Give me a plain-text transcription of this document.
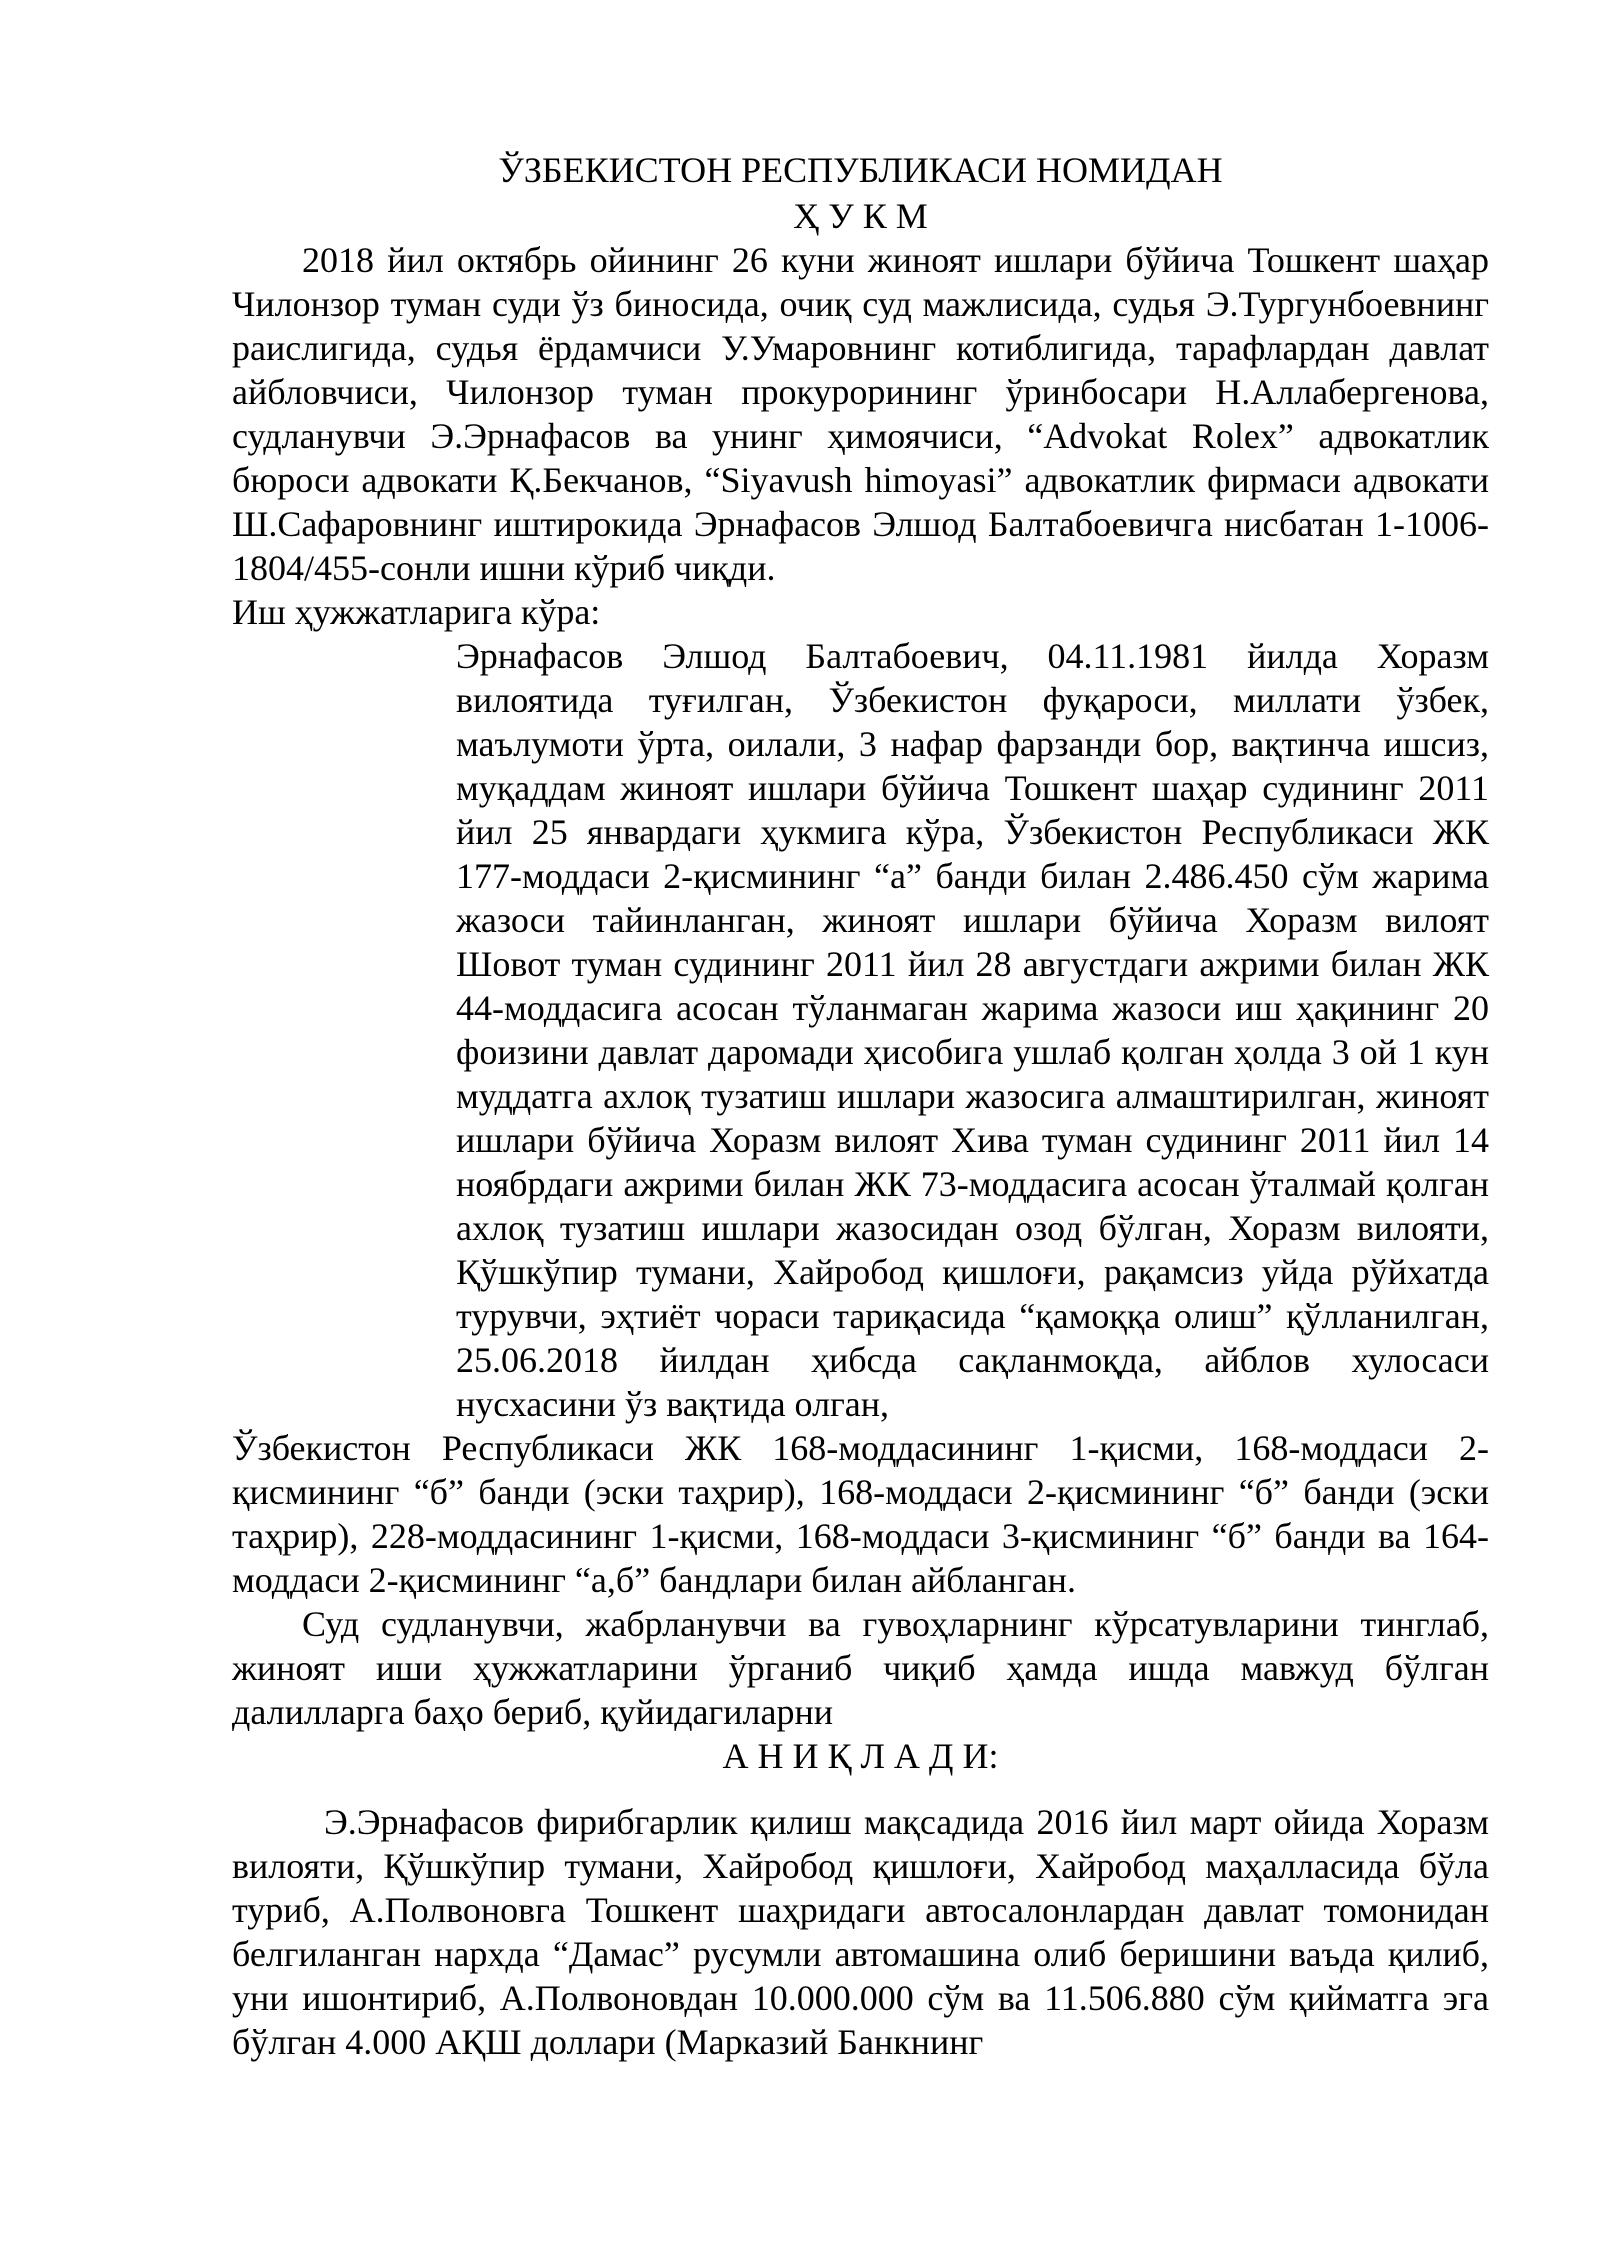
ЎЗБЕКИСТОН РЕСПУБЛИКАСИ НОМИДАН

Ҳ У К М

2018 йил октябрь ойининг 26 куни жиноят ишлари бўйича Тошкент шаҳар Чилонзор туман суди ўз биносида, очиқ суд мажлисида, судья Э.Тургунбоевнинг раислигида, судья ёрдамчиси У.Умаровнинг котиблигида, тарафлардан давлат айбловчиси, Чилонзор туман прокурорининг ўринбосари Н.Аллабергенова, судланувчи Э.Эрнафасов ва унинг ҳимоячиси, “Advokat Rolex” адвокатлик бюроси адвокати Қ.Бекчанов, “Siyavush himoyasi” адвокатлик фирмаси адвокати Ш.Сафаровнинг иштирокида Эрнафасов Элшод Балтабоевичга нисбатан 1-1006-1804/455-сонли ишни кўриб чиқди.

Иш ҳужжатларига кўра:

Эрнафасов Элшод Балтабоевич, 04.11.1981 йилда Хоразм вилоятида туғилган, Ўзбекистон фуқароси, миллати ўзбек, маълумоти ўрта, оилали, 3 нафар фарзанди бор, вақтинча ишсиз, муқаддам жиноят ишлари бўйича Тошкент шаҳар судининг 2011 йил 25 январдаги ҳукмига кўра, Ўзбекистон Республикаси ЖК 177-моддаси 2-қисмининг “а” банди билан 2.486.450 сўм жарима жазоси тайинланган, жиноят ишлари бўйича Хоразм вилоят Шовот туман судининг 2011 йил 28 августдаги ажрими билан ЖК 44-моддасига асосан тўланмаган жарима жазоси иш ҳақининг 20 фоизини давлат даромади ҳисобига ушлаб қолган ҳолда 3 ой 1 кун муддатга ахлоқ тузатиш ишлари жазосига алмаштирилган, жиноят ишлари бўйича Хоразм вилоят Хива туман судининг 2011 йил 14 ноябрдаги ажрими билан ЖК 73-моддасига асосан ўталмай қолган ахлоқ тузатиш ишлари жазосидан озод бўлган, Хоразм вилояти, Қўшкўпир тумани, Хайробод қишлоғи, рақамсиз уйда рўйхатда турувчи, эҳтиёт чораси тариқасида “қамоққа олиш” қўлланилган, 25.06.2018 йилдан ҳибсда сақланмоқда, айблов хулосаси нусхасини ўз вақтида олган,

Ўзбекистон Республикаси ЖК 168-моддасининг 1-қисми, 168-моддаси 2-қисмининг “б” банди (эски таҳрир), 168-моддаси 2-қисмининг “б” банди (эски таҳрир), 228-моддасининг 1-қисми, 168-моддаси 3-қисмининг “б” банди ва 164-моддаси 2-қисмининг “а,б” бандлари билан айбланган.

Суд судланувчи, жабрланувчи ва гувоҳларнинг кўрсатувларини тинглаб, жиноят иши ҳужжатларини ўрганиб чиқиб ҳамда ишда мавжуд бўлган далилларга баҳо бериб, қуйидагиларни

А Н И Қ Л А Д И:

Э.Эрнафасов фирибгарлик қилиш мақсадида 2016 йил март ойида Хоразм вилояти, Қўшкўпир тумани, Хайробод қишлоғи, Хайробод маҳалласида бўла туриб, А.Полвоновга Тошкент шаҳридаги автосалонлардан давлат томонидан белгиланган нархда “Дамас” русумли автомашина олиб беришини ваъда қилиб, уни ишонтириб, А.Полвоновдан 10.000.000 сўм ва 11.506.880 сўм қийматга эга бўлган 4.000 АҚШ доллари (Марказий Банкнинг
